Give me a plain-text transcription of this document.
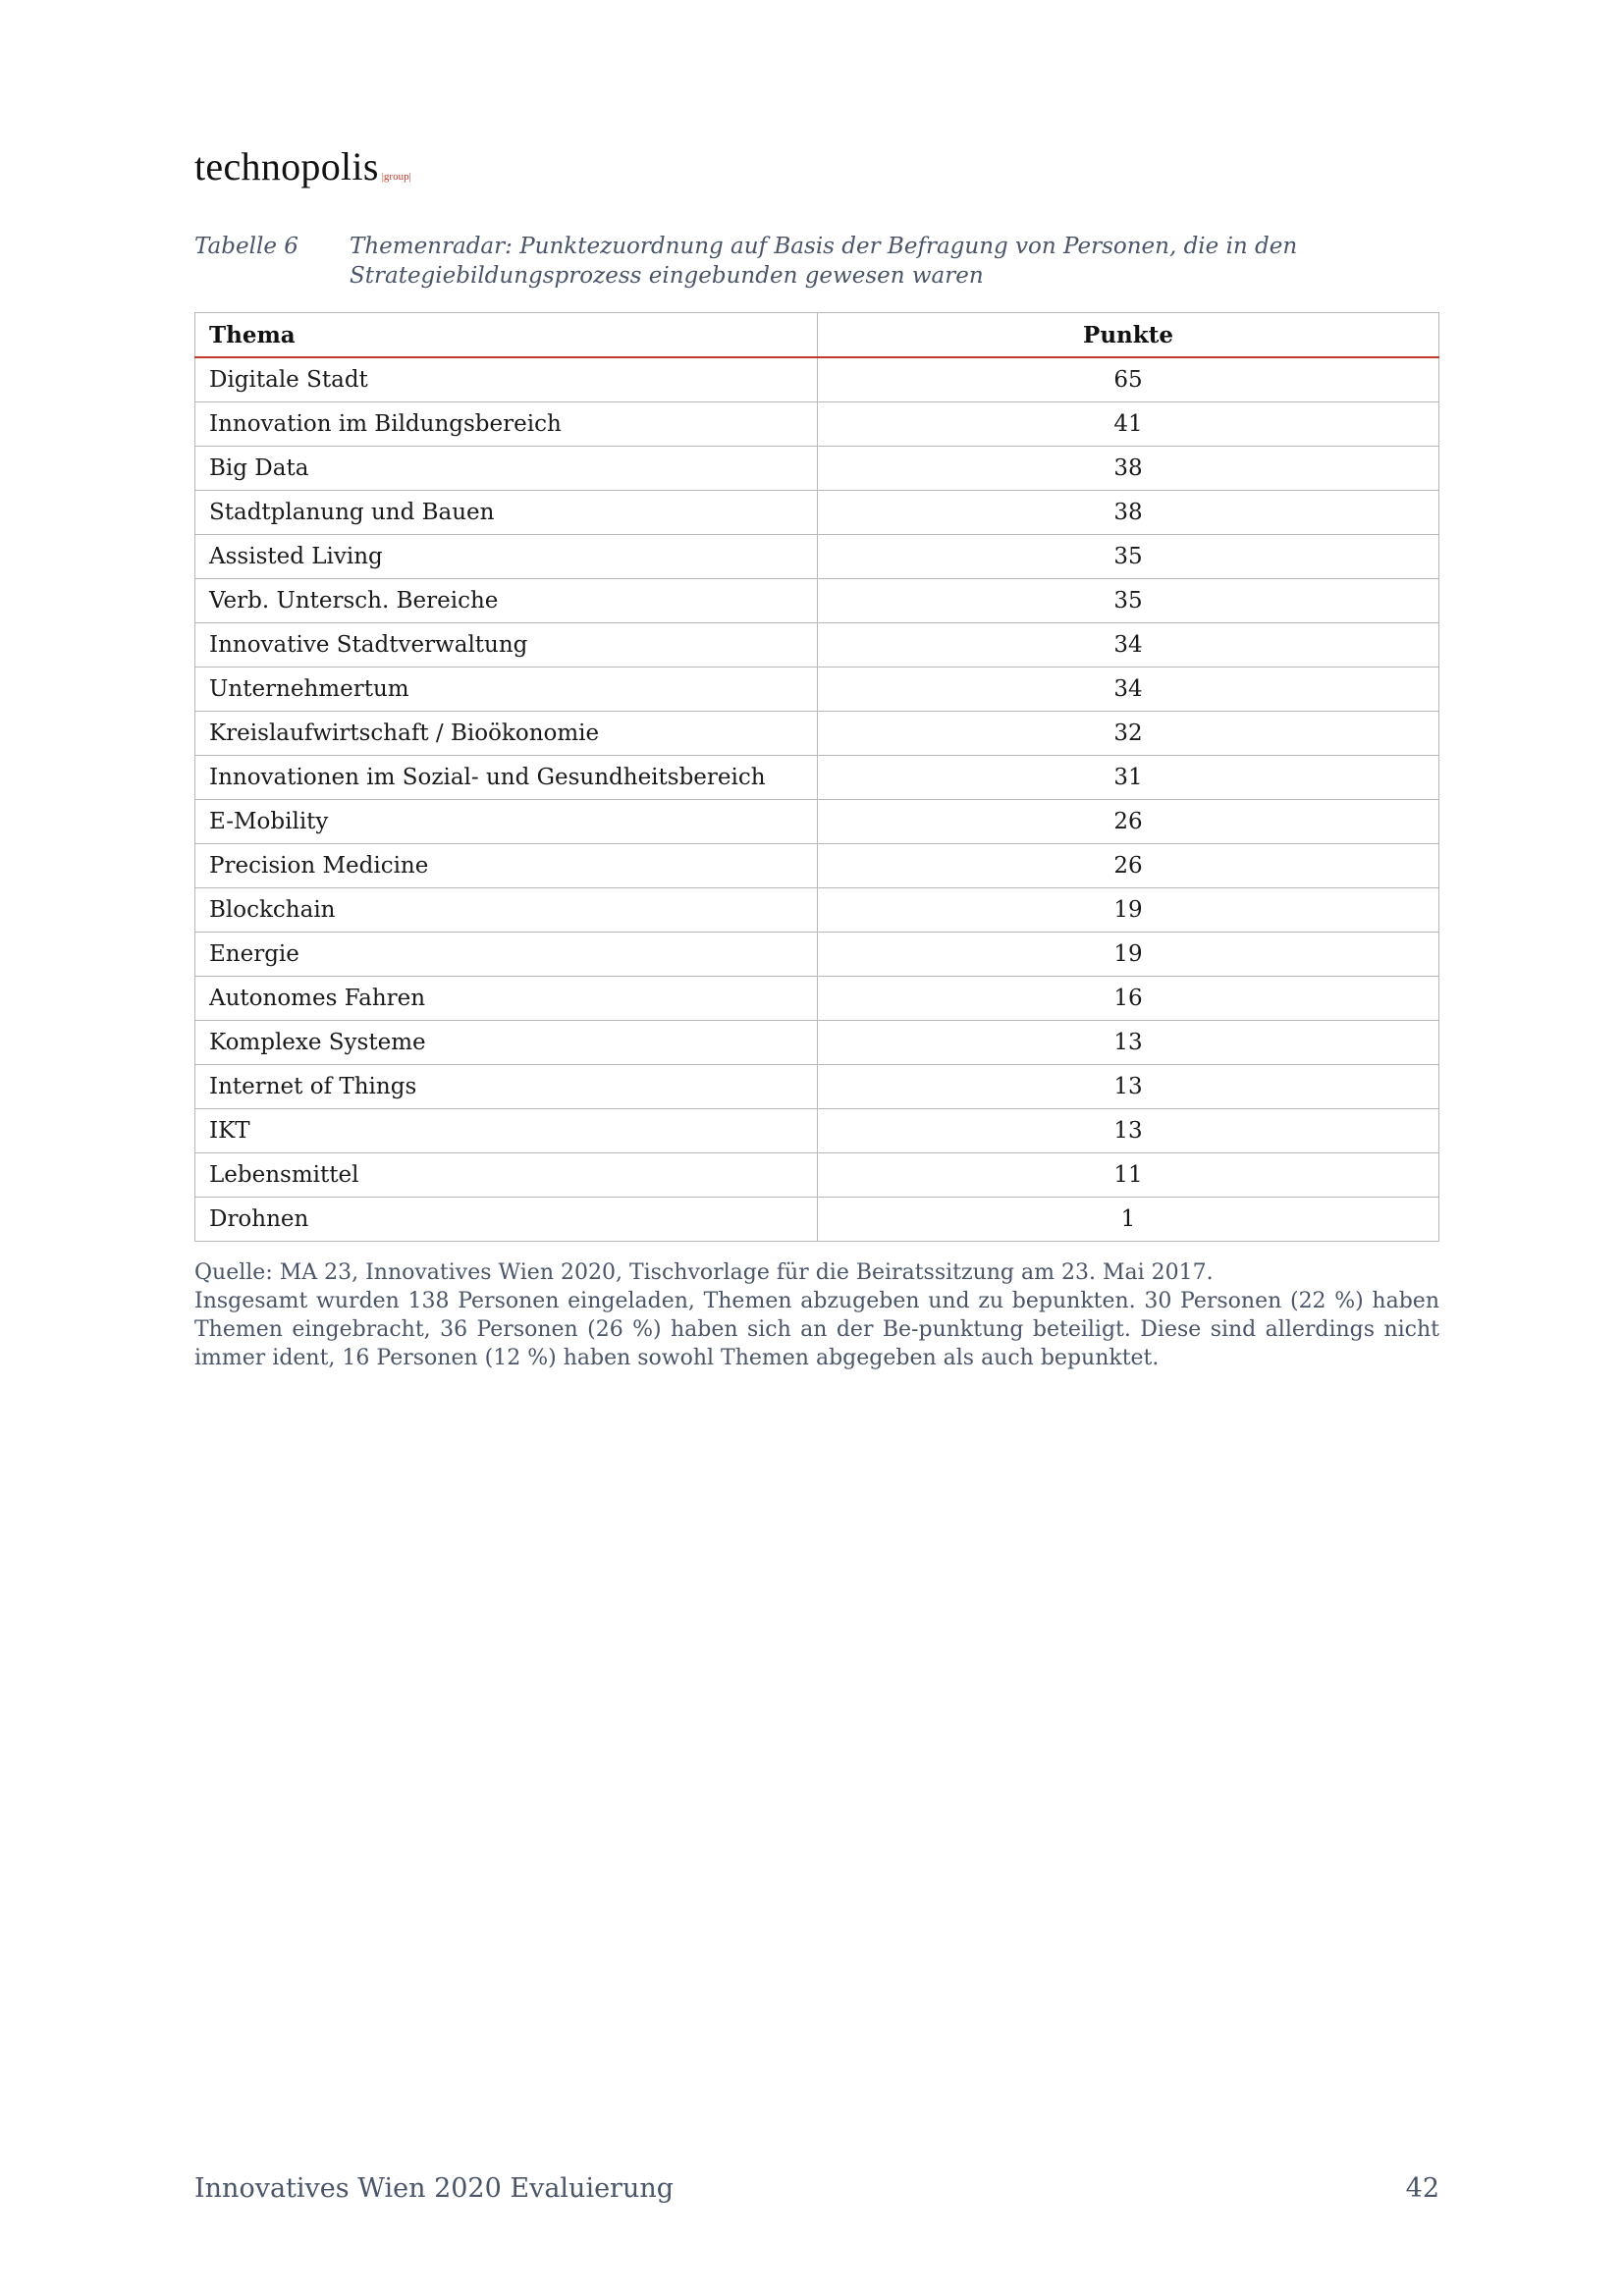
technopolis |group|
Tabelle 6	Themenradar: Punktezuordnung auf Basis der Befragung von Personen, die in den Strategiebildungsprozess eingebunden gewesen waren
Thema	Punkte
Digitale Stadt	65
Innovation im Bildungsbereich	41
Big Data	38
Stadtplanung und Bauen	38
Assisted Living	35
Verb. Untersch. Bereiche	35
Innovative Stadtverwaltung	34
Unternehmertum	34
Kreislaufwirtschaft / Bioökonomie	32
Innovationen im Sozial- und Gesundheitsbereich	31
E-Mobility	26
Precision Medicine	26
Blockchain	19
Energie	19
Autonomes Fahren	16
Komplexe Systeme	13
Internet of Things	13
IKT	13
Lebensmittel	11
Drohnen	1

Quelle: MA 23, Innovatives Wien 2020, Tischvorlage für die Beiratssitzung am 23. Mai 2017.

Insgesamt wurden 138 Personen eingeladen, Themen abzugeben und zu bepunkten. 30 Personen (22 %) haben Themen eingebracht, 36 Personen (26 %) haben sich an der Be-punktung beteiligt. Diese sind allerdings nicht immer ident, 16 Personen (12 %) haben sowohl Themen abgegeben als auch bepunktet.

Innovatives Wien 2020 Evaluierung	42
